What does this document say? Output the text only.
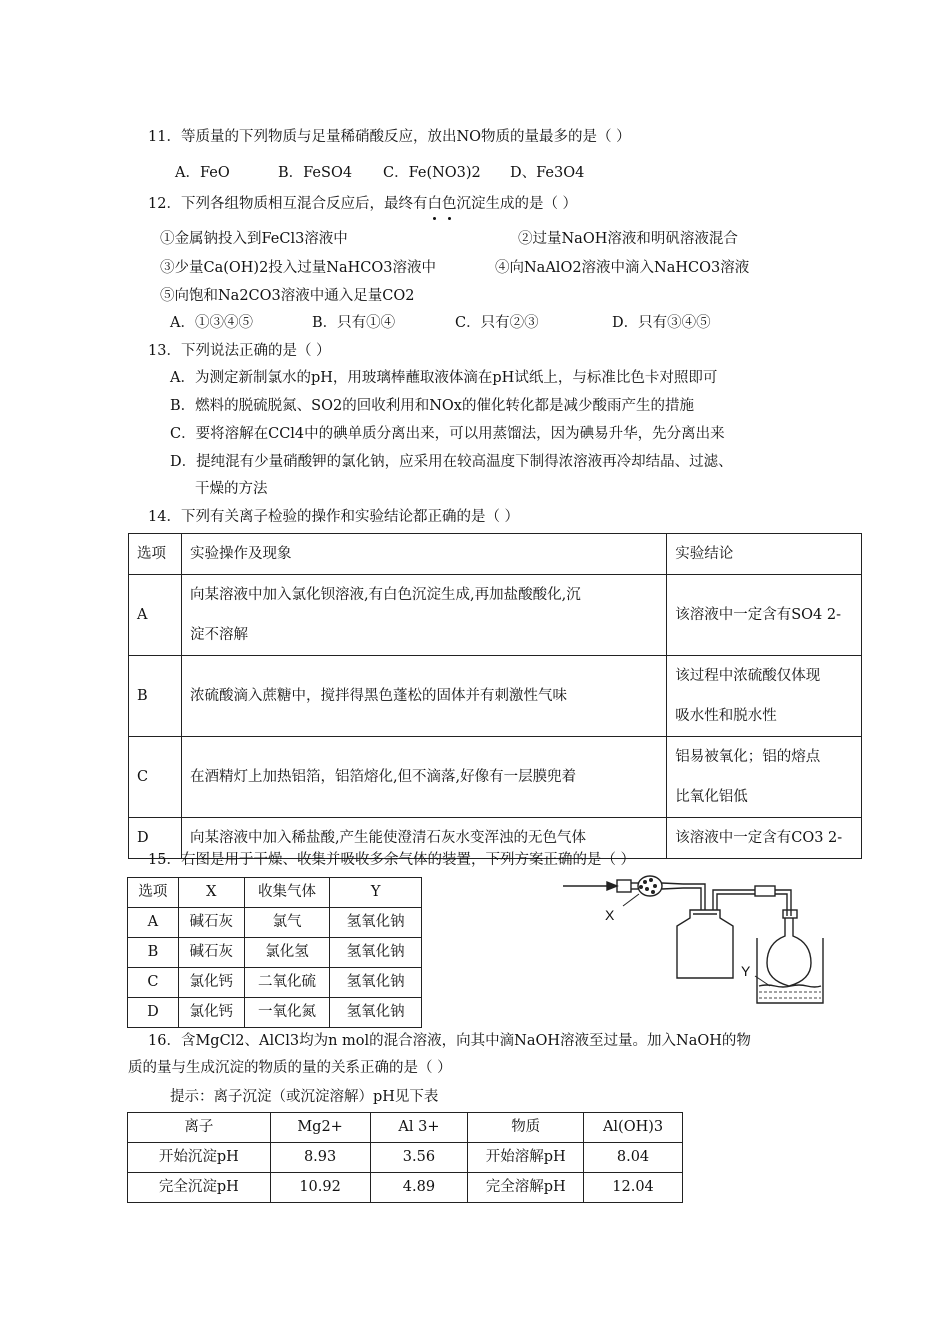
11．等质量的下列物质与足量稀硝酸反应，放出NO物质的量最多的是（ ）
A．FeO	B．FeSO4 C．Fe(NO3)2 D、Fe3O4
12．下列各组物质相互混合反应后，最终有白色沉淀生成的是（ ）
①金属钠投入到FeCl3溶液中	②过量NaOH溶液和明矾溶液混合
③少量Ca(OH)2投入过量NaHCO3溶液中	④向NaAlO2溶液中滴入NaHCO3溶液
⑤向饱和Na2CO3溶液中通入足量CO2
A．①③④⑤	B．只有①④	C．只有②③	D．只有③④⑤
13．下列说法正确的是（ ）
A．为测定新制氯水的pH，用玻璃棒蘸取液体滴在pH试纸上，与标准比色卡对照即可
B．燃料的脱硫脱氮、SO2的回收利用和NOx的催化转化都是减少酸雨产生的措施
C．要将溶解在CCl4中的碘单质分离出来，可以用蒸馏法，因为碘易升华，先分离出来
D．提纯混有少量硝酸钾的氯化钠，应采用在较高温度下制得浓溶液再冷却结晶、过滤、
干燥的方法
14．下列有关离子检验的操作和实验结论都正确的是（ ）
选项	实验操作及现象	实验结论
A	向某溶液中加入氯化钡溶液,有白色沉淀生成,再加盐酸酸化,沉
淀不溶解	该溶液中一定含有SO4 2-
B	浓硫酸滴入蔗糖中，搅拌得黑色蓬松的固体并有刺激性气味	该过程中浓硫酸仅体现
吸水性和脱水性

C	在酒精灯上加热铝箔，铝箔熔化,但不滴落,好像有一层膜兜着	铝易被氧化；铝的熔点
比氧化铝低

D	向某溶液中加入稀盐酸,产生能使澄清石灰水变浑浊的无色气体	该溶液中一定含有CO3 2-
15．右图是用于干燥、收集并吸收多余气体的装置，下列方案正确的是（ ）
选项	X	收集气体	Y
A	碱石灰	氯气	氢氧化钠
B	碱石灰	氯化氢	氢氧化钠
C	氯化钙	二氧化硫	氢氧化钠
D	氯化钙	一氧化氮	氢氧化钠
X
Y
16．含MgCl2、AlCl3均为n mol的混合溶液，向其中滴NaOH溶液至过量。加入NaOH的物
质的量与生成沉淀的物质的量的关系正确的是（ ）
提示：离子沉淀（或沉淀溶解）pH见下表
离子	Mg2+	Al 3+	物质	Al(OH)3
开始沉淀pH	8.93	3.56	开始溶解pH	8.04
完全沉淀pH	10.92	4.89	完全溶解pH	12.04
